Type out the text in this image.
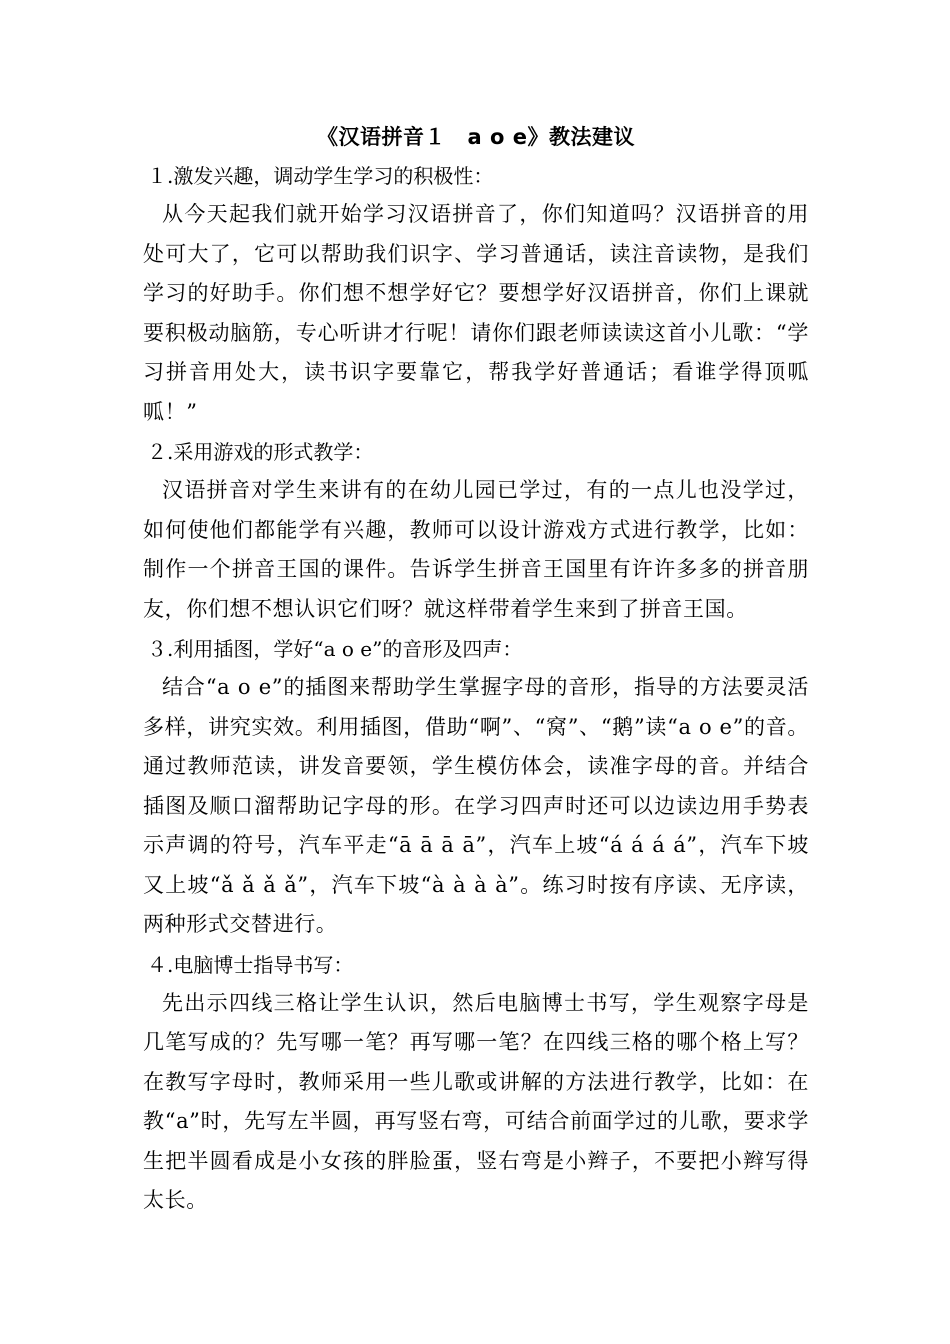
《汉语拼音１　a o e》教法建议

１.激发兴趣，调动学生学习的积极性：

从今天起我们就开始学习汉语拼音了，你们知道吗？汉语拼音的用处可大了，它可以帮助我们识字、学习普通话，读注音读物，是我们学习的好助手。你们想不想学好它？要想学好汉语拼音，你们上课就要积极动脑筋，专心听讲才行呢！请你们跟老师读读这首小儿歌：“学习拼音用处大，读书识字要靠它，帮我学好普通话；看谁学得顶呱呱！”

２.采用游戏的形式教学：

汉语拼音对学生来讲有的在幼儿园已学过，有的一点儿也没学过，如何使他们都能学有兴趣，教师可以设计游戏方式进行教学，比如：制作一个拼音王国的课件。告诉学生拼音王国里有许许多多的拼音朋友，你们想不想认识它们呀？就这样带着学生来到了拼音王国。

３.利用插图，学好“a o e”的音形及四声：

结合“a o e”的插图来帮助学生掌握字母的音形，指导的方法要灵活多样，讲究实效。利用插图，借助“啊”、“窝”、“鹅”读“a o e”的音。通过教师范读，讲发音要领，学生模仿体会，读准字母的音。并结合插图及顺口溜帮助记字母的形。在学习四声时还可以边读边用手势表示声调的符号，汽车平走“ā ā ā ā”，汽车上坡“á á á á”，汽车下坡又上坡“ǎ ǎ ǎ ǎ”，汽车下坡“à à à à”。练习时按有序读、无序读，两种形式交替进行。

４.电脑博士指导书写：

先出示四线三格让学生认识，然后电脑博士书写，学生观察字母是几笔写成的？先写哪一笔？再写哪一笔？在四线三格的哪个格上写？在教写字母时，教师采用一些儿歌或讲解的方法进行教学，比如：在教“a”时，先写左半圆，再写竖右弯，可结合前面学过的儿歌，要求学生把半圆看成是小女孩的胖脸蛋，竖右弯是小辫子，不要把小辫写得太长。
